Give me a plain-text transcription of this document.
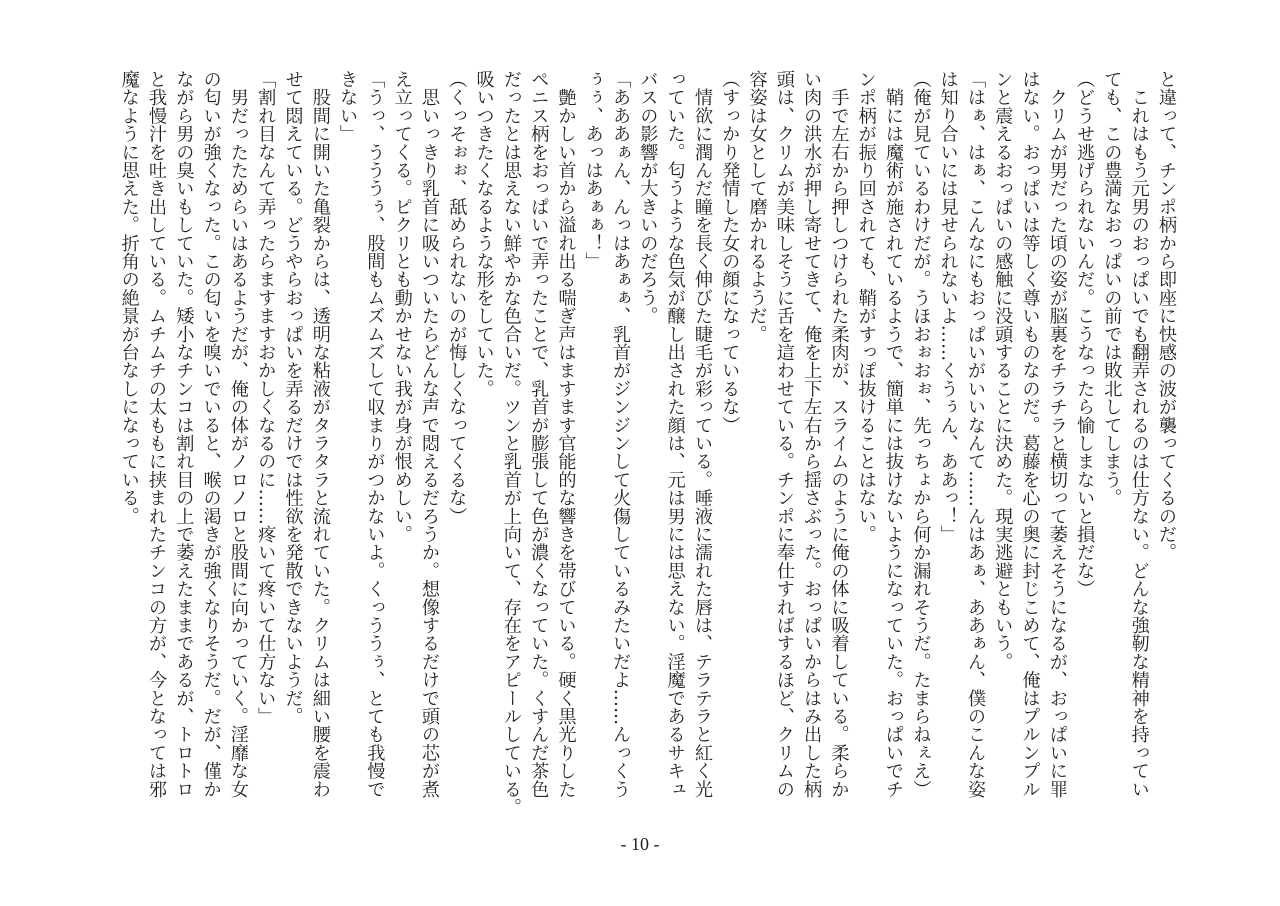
と違って、チンポ柄から即座に快感の波が襲ってくるのだ。
　これはもう元男のおっぱいでも翻弄されるのは仕方ない。どんな強靭な精神を持ってい
ても、この豊満なおっぱいの前では敗北してしまう。
（どうせ逃げられないんだ。こうなったら愉しまないと損だな）
　クリムが男だった頃の姿が脳裏をチラチラと横切って萎えそうになるが、おっぱいに罪
はない。おっぱいは等しく尊いものなのだ。葛藤を心の奥に封じこめて、俺はプルンプル
ンと震えるおっぱいの感触に没頭することに決めた。現実逃避ともいう。
「はぁ、はぁ、こんなにもおっぱいがいいなんて……んはあぁ、ああぁん、僕のこんな姿
は知り合いには見せられないよ……くうぅん、ああっ！」
（俺が見ているわけだが。うほおぉおぉ、先っちょから何か漏れそうだ。たまらねぇえ）
　鞘には魔術が施されているようで、簡単には抜けないようになっていた。おっぱいでチ
ンポ柄が振り回されても、鞘がすっぽ抜けることはない。
　手で左右から押しつけられた柔肉が、スライムのように俺の体に吸着している。柔らか
い肉の洪水が押し寄せてきて、俺を上下左右から揺さぶった。おっぱいからはみ出した柄
頭は、クリムが美味しそうに舌を這わせている。チンポに奉仕すればするほど、クリムの
容姿は女として磨かれるようだ。
（すっかり発情した女の顔になっているな）
　情欲に潤んだ瞳を長く伸びた睫毛が彩っている。唾液に濡れた唇は、テラテラと紅く光
っていた。匂うような色気が醸し出された顔は、元は男には思えない。淫魔であるサキュ
バスの影響が大きいのだろう。
「あああぁん、んっはあぁぁ、乳首がジンジンして火傷しているみたいだよ……んっくう
ぅぅ、あっはあぁぁ！」
　艶かしい首から溢れ出る喘ぎ声はますます官能的な響きを帯びている。硬く黒光りした
ペニス柄をおっぱいで弄ったことで、乳首が膨張して色が濃くなっていた。くすんだ茶色
だったとは思えない鮮やかな色合いだ。ツンと乳首が上向いて、存在をアピールしている。
吸いつきたくなるような形をしていた。
（くっそぉぉ、舐められないのが悔しくなってくるな）
　思いっきり乳首に吸いついたらどんな声で悶えるだろうか。想像するだけで頭の芯が煮
え立ってくる。ピクリとも動かせない我が身が恨めしい。
「うっ、うううぅ、股間もムズムズして収まりがつかないよ。くっううぅ、とても我慢で
きない」
　股間に開いた亀裂からは、透明な粘液がタラタラと流れていた。クリムは細い腰を震わ
せて悶えている。どうやらおっぱいを弄るだけでは性欲を発散できないようだ。
「割れ目なんて弄ったらますますおかしくなるのに……疼いて疼いて仕方ない」
　男だったためらいはあるようだが、俺の体がノロノロと股間に向かっていく。淫靡な女
の匂いが強くなった。この匂いを嗅いでいると、喉の渇きが強くなりそうだ。だが、僅か
ながら男の臭いもしていた。矮小なチンコは割れ目の上で萎えたままであるが、トロトロ
と我慢汁を吐き出している。ムチムチの太ももに挟まれたチンコの方が、今となっては邪
魔なように思えた。折角の絶景が台なしになっている。
- 10 -
